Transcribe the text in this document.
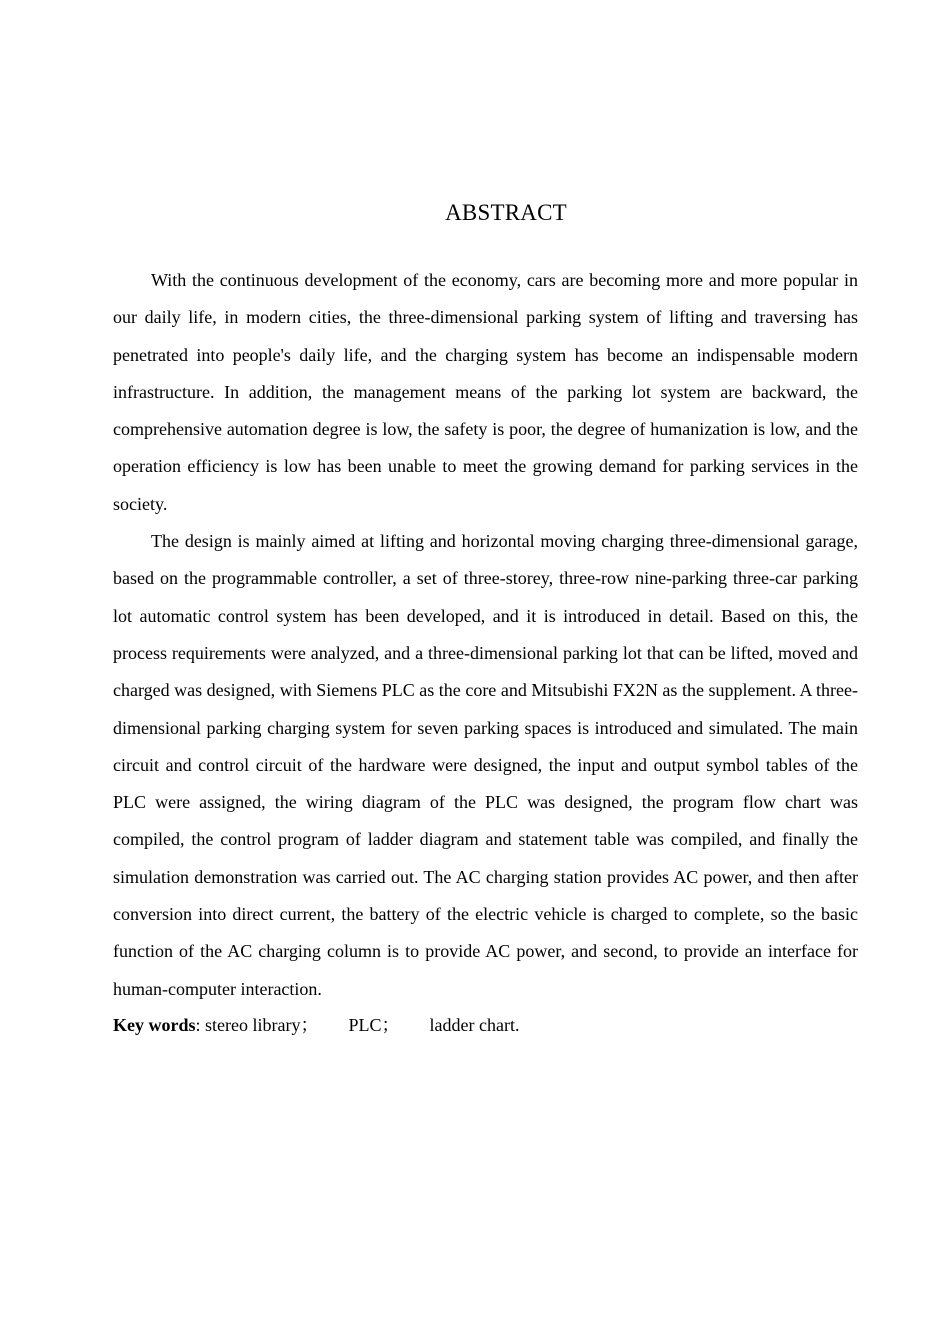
ABSTRACT

With the continuous development of the economy, cars are becoming more and more popular in our daily life, in modern cities, the three-dimensional parking system of lifting and traversing has penetrated into people's daily life, and the charging system has become an indispensable modern infrastructure. In addition, the management means of the parking lot system are backward, the comprehensive automation degree is low, the safety is poor, the degree of humanization is low, and the operation efficiency is low has been unable to meet the growing demand for parking services in the society.

The design is mainly aimed at lifting and horizontal moving charging three-dimensional garage, based on the programmable controller, a set of three-storey, three-row nine-parking three-car parking lot automatic control system has been developed, and it is introduced in detail. Based on this, the process requirements were analyzed, and a three-dimensional parking lot that can be lifted, moved and charged was designed, with Siemens PLC as the core and Mitsubishi FX2N as the supplement. A three-dimensional parking charging system for seven parking spaces is introduced and simulated. The main circuit and control circuit of the hardware were designed, the input and output symbol tables of the PLC were assigned, the wiring diagram of the PLC was designed, the program flow chart was compiled, the control program of ladder diagram and statement table was compiled, and finally the simulation demonstration was carried out. The AC charging station provides AC power, and then after conversion into direct current, the battery of the electric vehicle is charged to complete, so the basic function of the AC charging column is to provide AC power, and second, to provide an interface for human-computer interaction.

Key words: stereo library； PLC； ladder chart.
